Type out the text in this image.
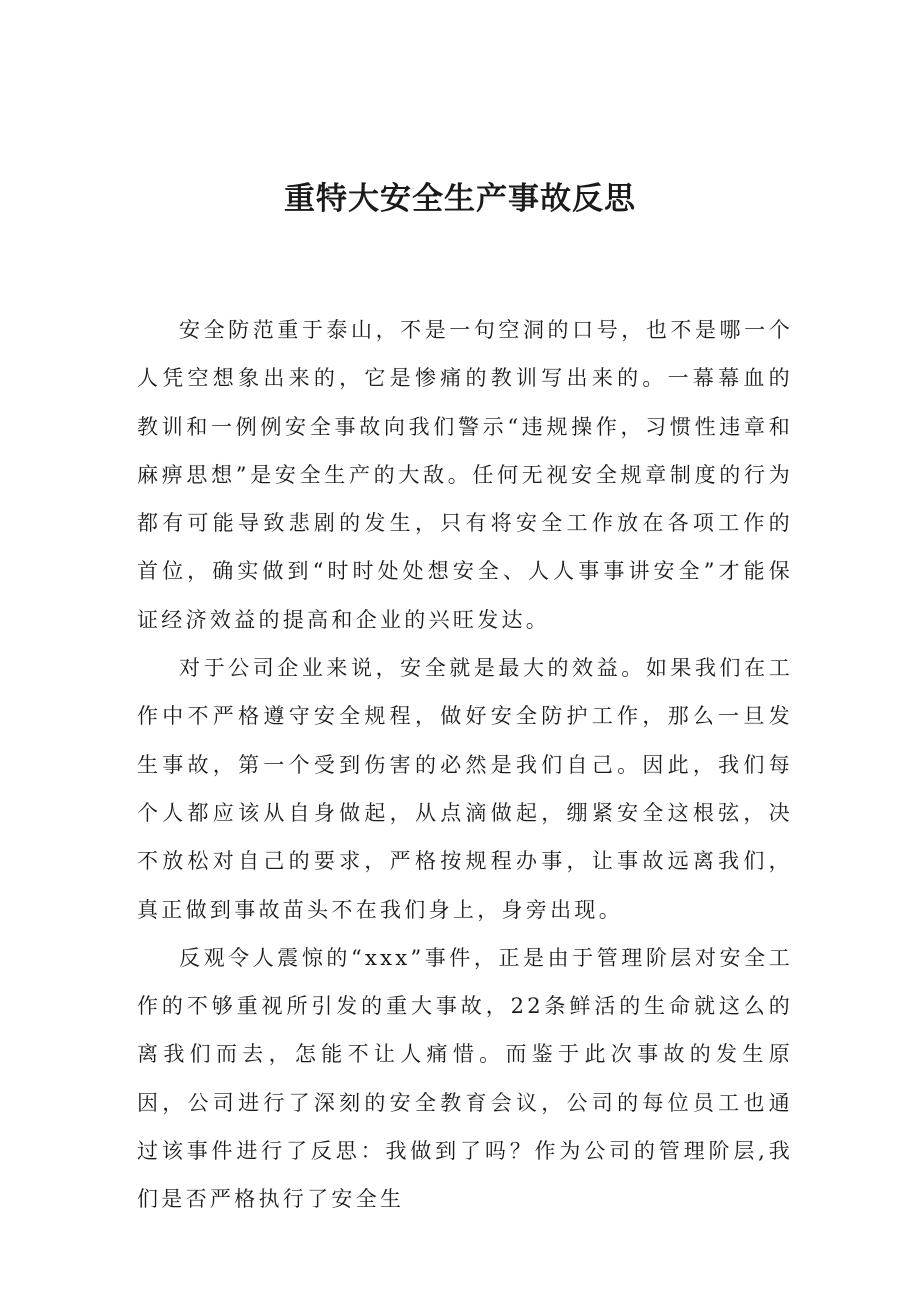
重特大安全生产事故反思

安全防范重于泰山，不是一句空洞的口号，也不是哪一个人凭空想象出来的，它是惨痛的教训写出来的。一幕幕血的教训和一例例安全事故向我们警示“违规操作，习惯性违章和麻痹思想”是安全生产的大敌。任何无视安全规章制度的行为都有可能导致悲剧的发生，只有将安全工作放在各项工作的首位，确实做到“时时处处想安全、人人事事讲安全”才能保证经济效益的提高和企业的兴旺发达。

对于公司企业来说，安全就是最大的效益。如果我们在工作中不严格遵守安全规程，做好安全防护工作，那么一旦发生事故，第一个受到伤害的必然是我们自己。因此，我们每个人都应该从自身做起，从点滴做起，绷紧安全这根弦，决不放松对自己的要求，严格按规程办事，让事故远离我们，真正做到事故苗头不在我们身上，身旁出现。

反观令人震惊的“xxx”事件，正是由于管理阶层对安全工作的不够重视所引发的重大事故，22条鲜活的生命就这么的离我们而去，怎能不让人痛惜。而鉴于此次事故的发生原因，公司进行了深刻的安全教育会议，公司的每位员工也通过该事件进行了反思：我做到了吗？作为公司的管理阶层,我们是否严格执行了安全生
